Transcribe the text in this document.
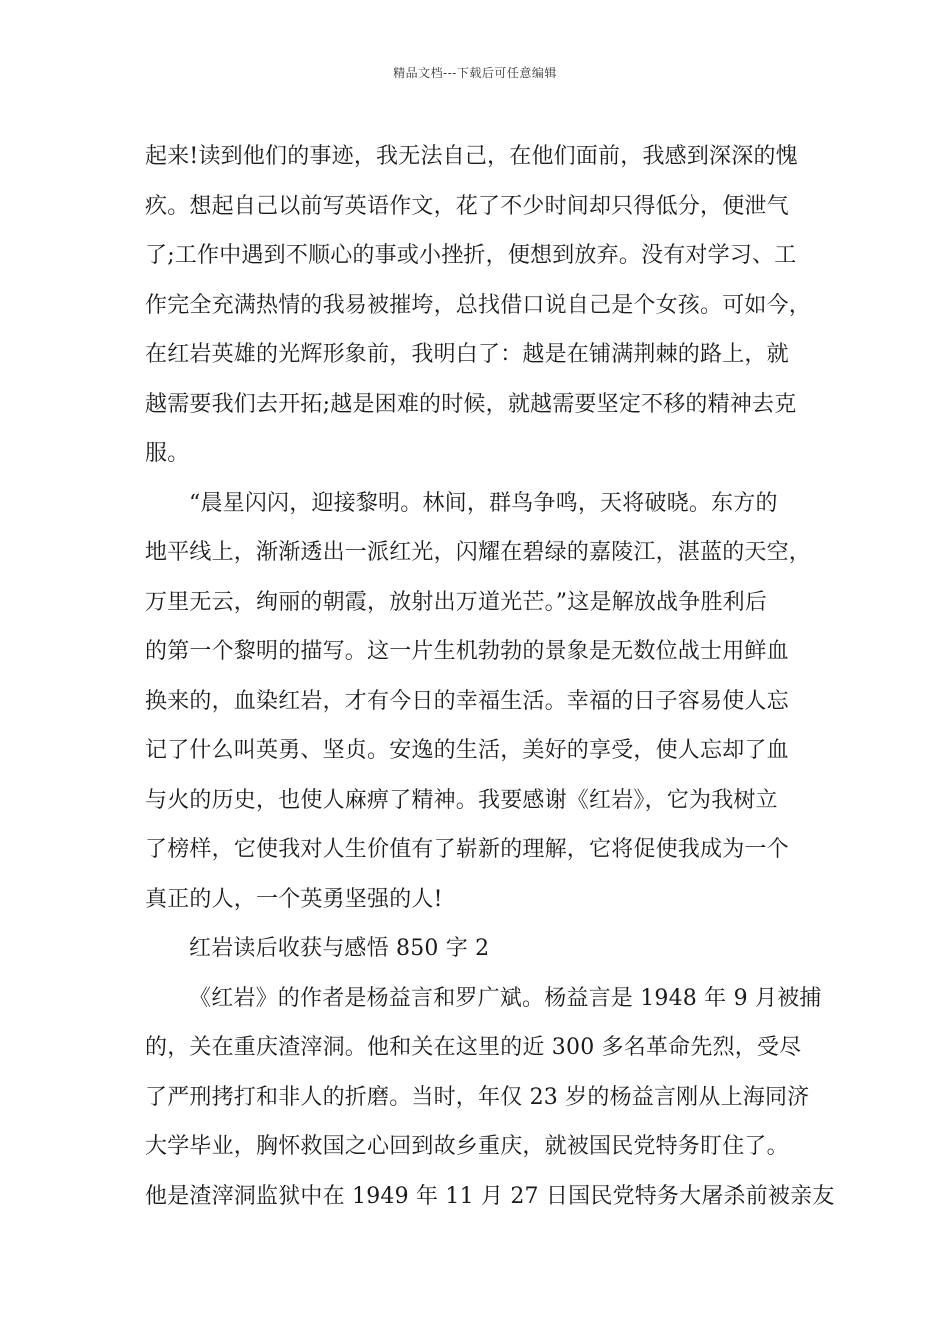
精品文档---下载后可任意编辑
起来!读到他们的事迹，我无法自己，在他们面前，我感到深深的愧
疚。想起自己以前写英语作文，花了不少时间却只得低分，便泄气
了;工作中遇到不顺心的事或小挫折，便想到放弃。没有对学习、工
作完全充满热情的我易被摧垮，总找借口说自己是个女孩。可如今，
在红岩英雄的光辉形象前，我明白了：越是在铺满荆棘的路上，就
越需要我们去开拓;越是困难的时候，就越需要坚定不移的精神去克
服。
“晨星闪闪，迎接黎明。林间，群鸟争鸣，天将破晓。东方的
地平线上，渐渐透出一派红光，闪耀在碧绿的嘉陵江，湛蓝的天空，
万里无云，绚丽的朝霞，放射出万道光芒。”这是解放战争胜利后
的第一个黎明的描写。这一片生机勃勃的景象是无数位战士用鲜血
换来的，血染红岩，才有今日的幸福生活。幸福的日子容易使人忘
记了什么叫英勇、坚贞。安逸的生活，美好的享受，使人忘却了血
与火的历史，也使人麻痹了精神。我要感谢《红岩》，它为我树立
了榜样，它使我对人生价值有了崭新的理解，它将促使我成为一个
真正的人，一个英勇坚强的人!
红岩读后收获与感悟 850 字 2
《红岩》的作者是杨益言和罗广斌。杨益言是 1948 年 9 月被捕
的，关在重庆渣滓洞。他和关在这里的近 300 多名革命先烈，受尽
了严刑拷打和非人的折磨。当时，年仅 23 岁的杨益言刚从上海同济
大学毕业，胸怀救国之心回到故乡重庆，就被国民党特务盯住了。
他是渣滓洞监狱中在 1949 年 11 月 27 日国民党特务大屠杀前被亲友
